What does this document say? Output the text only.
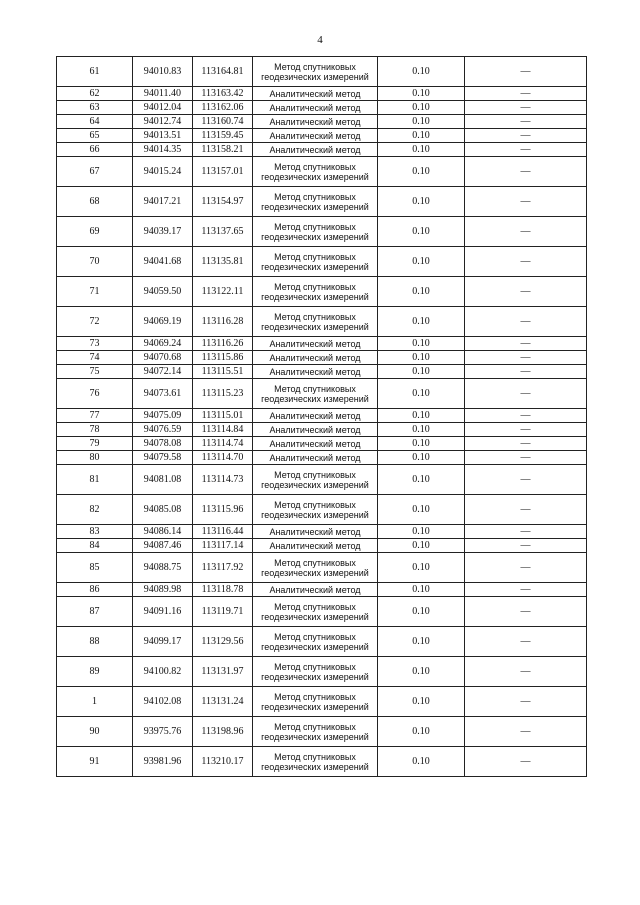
4
61	94010.83	113164.81	Метод спутниковых геодезических измерений	0.10	—
62	94011.40	113163.42	Аналитический метод	0.10	—
63	94012.04	113162.06	Аналитический метод	0.10	—
64	94012.74	113160.74	Аналитический метод	0.10	—
65	94013.51	113159.45	Аналитический метод	0.10	—
66	94014.35	113158.21	Аналитический метод	0.10	—
67	94015.24	113157.01	Метод спутниковых геодезических измерений	0.10	—
68	94017.21	113154.97	Метод спутниковых геодезических измерений	0.10	—
69	94039.17	113137.65	Метод спутниковых геодезических измерений	0.10	—
70	94041.68	113135.81	Метод спутниковых геодезических измерений	0.10	—
71	94059.50	113122.11	Метод спутниковых геодезических измерений	0.10	—
72	94069.19	113116.28	Метод спутниковых геодезических измерений	0.10	—
73	94069.24	113116.26	Аналитический метод	0.10	—
74	94070.68	113115.86	Аналитический метод	0.10	—
75	94072.14	113115.51	Аналитический метод	0.10	—
76	94073.61	113115.23	Метод спутниковых геодезических измерений	0.10	—
77	94075.09	113115.01	Аналитический метод	0.10	—
78	94076.59	113114.84	Аналитический метод	0.10	—
79	94078.08	113114.74	Аналитический метод	0.10	—
80	94079.58	113114.70	Аналитический метод	0.10	—
81	94081.08	113114.73	Метод спутниковых геодезических измерений	0.10	—
82	94085.08	113115.96	Метод спутниковых геодезических измерений	0.10	—
83	94086.14	113116.44	Аналитический метод	0.10	—
84	94087.46	113117.14	Аналитический метод	0.10	—
85	94088.75	113117.92	Метод спутниковых геодезических измерений	0.10	—
86	94089.98	113118.78	Аналитический метод	0.10	—
87	94091.16	113119.71	Метод спутниковых геодезических измерений	0.10	—
88	94099.17	113129.56	Метод спутниковых геодезических измерений	0.10	—
89	94100.82	113131.97	Метод спутниковых геодезических измерений	0.10	—
1	94102.08	113131.24	Метод спутниковых геодезических измерений	0.10	—
90	93975.76	113198.96	Метод спутниковых геодезических измерений	0.10	—
91	93981.96	113210.17	Метод спутниковых геодезических измерений	0.10	—
